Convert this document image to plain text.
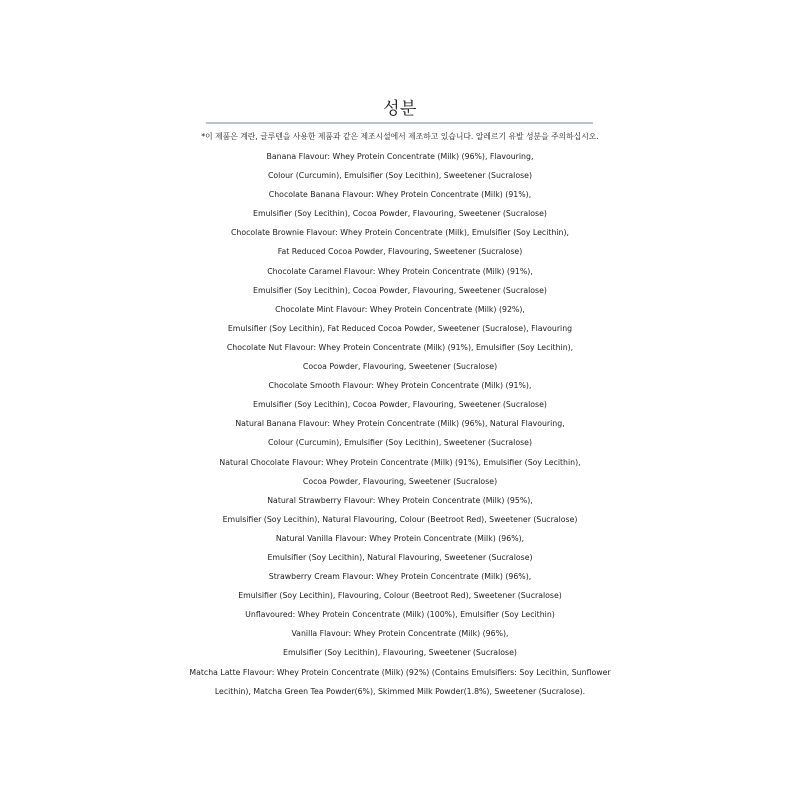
성분
*이 제품은 계란, 글루텐을 사용한 제품과 같은 제조시설에서 제조하고 있습니다. 알레르기 유발 성분을 주의하십시오.
Banana Flavour: Whey Protein Concentrate (Milk) (96%), Flavouring,
Colour (Curcumin), Emulsifier (Soy Lecithin), Sweetener (Sucralose)
Chocolate Banana Flavour: Whey Protein Concentrate (Milk) (91%),
Emulsifier (Soy Lecithin), Cocoa Powder, Flavouring, Sweetener (Sucralose)
Chocolate Brownie Flavour: Whey Protein Concentrate (Milk), Emulsifier (Soy Lecithin),
Fat Reduced Cocoa Powder, Flavouring, Sweetener (Sucralose)
Chocolate Caramel Flavour: Whey Protein Concentrate (Milk) (91%),
Emulsifier (Soy Lecithin), Cocoa Powder, Flavouring, Sweetener (Sucralose)
Chocolate Mint Flavour: Whey Protein Concentrate (Milk) (92%),
Emulsifier (Soy Lecithin), Fat Reduced Cocoa Powder, Sweetener (Sucralose), Flavouring
Chocolate Nut Flavour: Whey Protein Concentrate (Milk) (91%), Emulsifier (Soy Lecithin),
Cocoa Powder, Flavouring, Sweetener (Sucralose)
Chocolate Smooth Flavour: Whey Protein Concentrate (Milk) (91%),
Emulsifier (Soy Lecithin), Cocoa Powder, Flavouring, Sweetener (Sucralose)
Natural Banana Flavour: Whey Protein Concentrate (Milk) (96%), Natural Flavouring,
Colour (Curcumin), Emulsifier (Soy Lecithin), Sweetener (Sucralose)
Natural Chocolate Flavour: Whey Protein Concentrate (Milk) (91%), Emulsifier (Soy Lecithin),
Cocoa Powder, Flavouring, Sweetener (Sucralose)
Natural Strawberry Flavour: Whey Protein Concentrate (Milk) (95%),
Emulsifier (Soy Lecithin), Natural Flavouring, Colour (Beetroot Red), Sweetener (Sucralose)
Natural Vanilla Flavour: Whey Protein Concentrate (Milk) (96%),
Emulsifier (Soy Lecithin), Natural Flavouring, Sweetener (Sucralose)
Strawberry Cream Flavour: Whey Protein Concentrate (Milk) (96%),
Emulsifier (Soy Lecithin), Flavouring, Colour (Beetroot Red), Sweetener (Sucralose)
Unflavoured: Whey Protein Concentrate (Milk) (100%), Emulsifier (Soy Lecithin)
Vanilla Flavour: Whey Protein Concentrate (Milk) (96%),
Emulsifier (Soy Lecithin), Flavouring, Sweetener (Sucralose)
Matcha Latte Flavour: Whey Protein Concentrate (Milk) (92%) (Contains Emulsifiers: Soy Lecithin, Sunflower
Lecithin), Matcha Green Tea Powder(6%), Skimmed Milk Powder(1.8%), Sweetener (Sucralose).
